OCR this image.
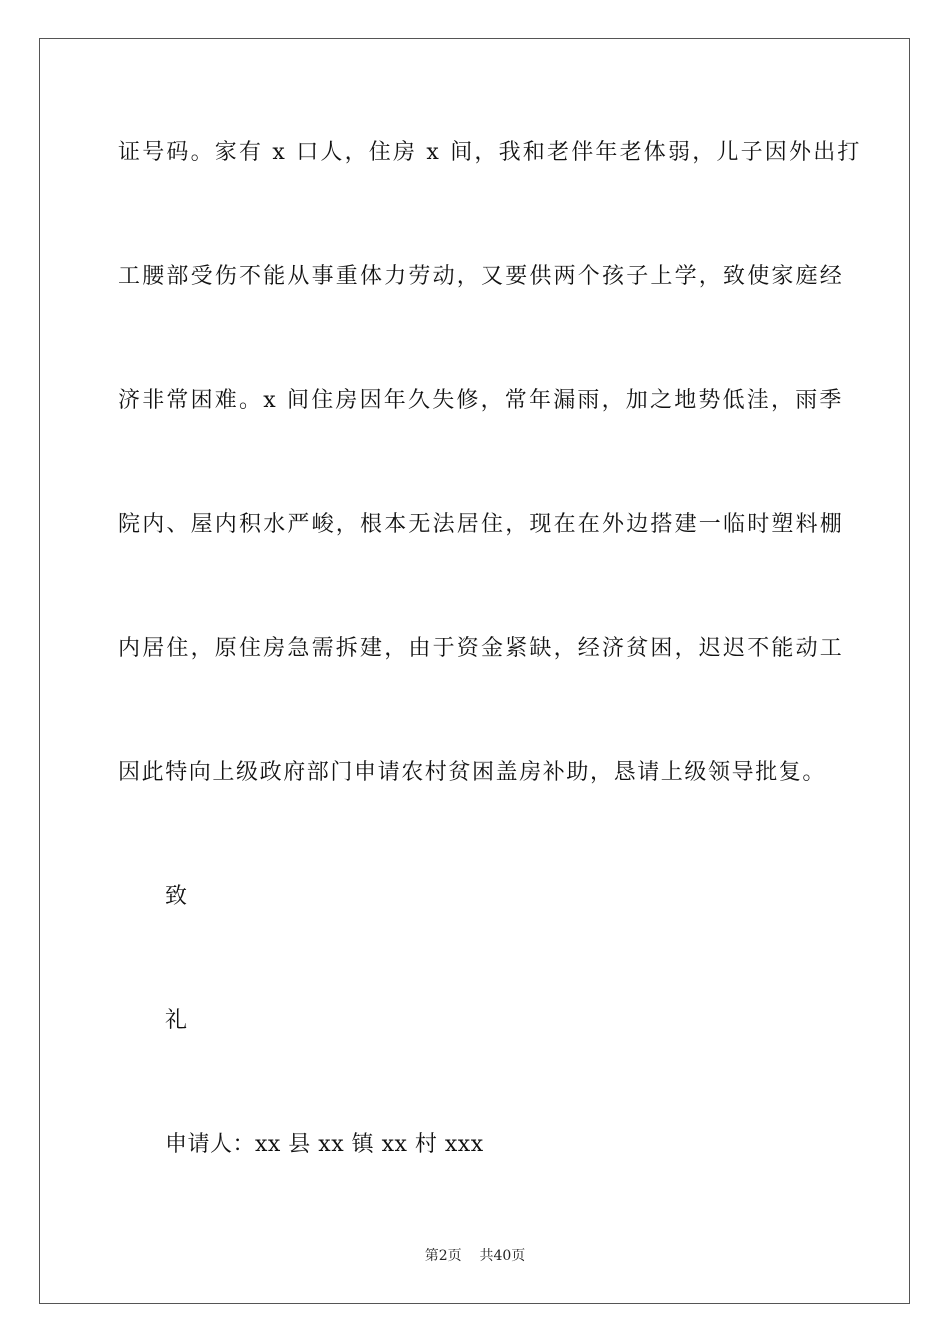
证号码。家有 x 口人，住房 x 间，我和老伴年老体弱，儿子因外出打
工腰部受伤不能从事重体力劳动，又要供两个孩子上学，致使家庭经
济非常困难。x 间住房因年久失修，常年漏雨，加之地势低洼，雨季
院内、屋内积水严峻，根本无法居住，现在在外边搭建一临时塑料棚
内居住，原住房急需拆建，由于资金紧缺，经济贫困，迟迟不能动工
因此特向上级政府部门申请农村贫困盖房补助，恳请上级领导批复。
致
礼
申请人：xx 县 xx 镇 xx 村 xxx
第2页    共40页
